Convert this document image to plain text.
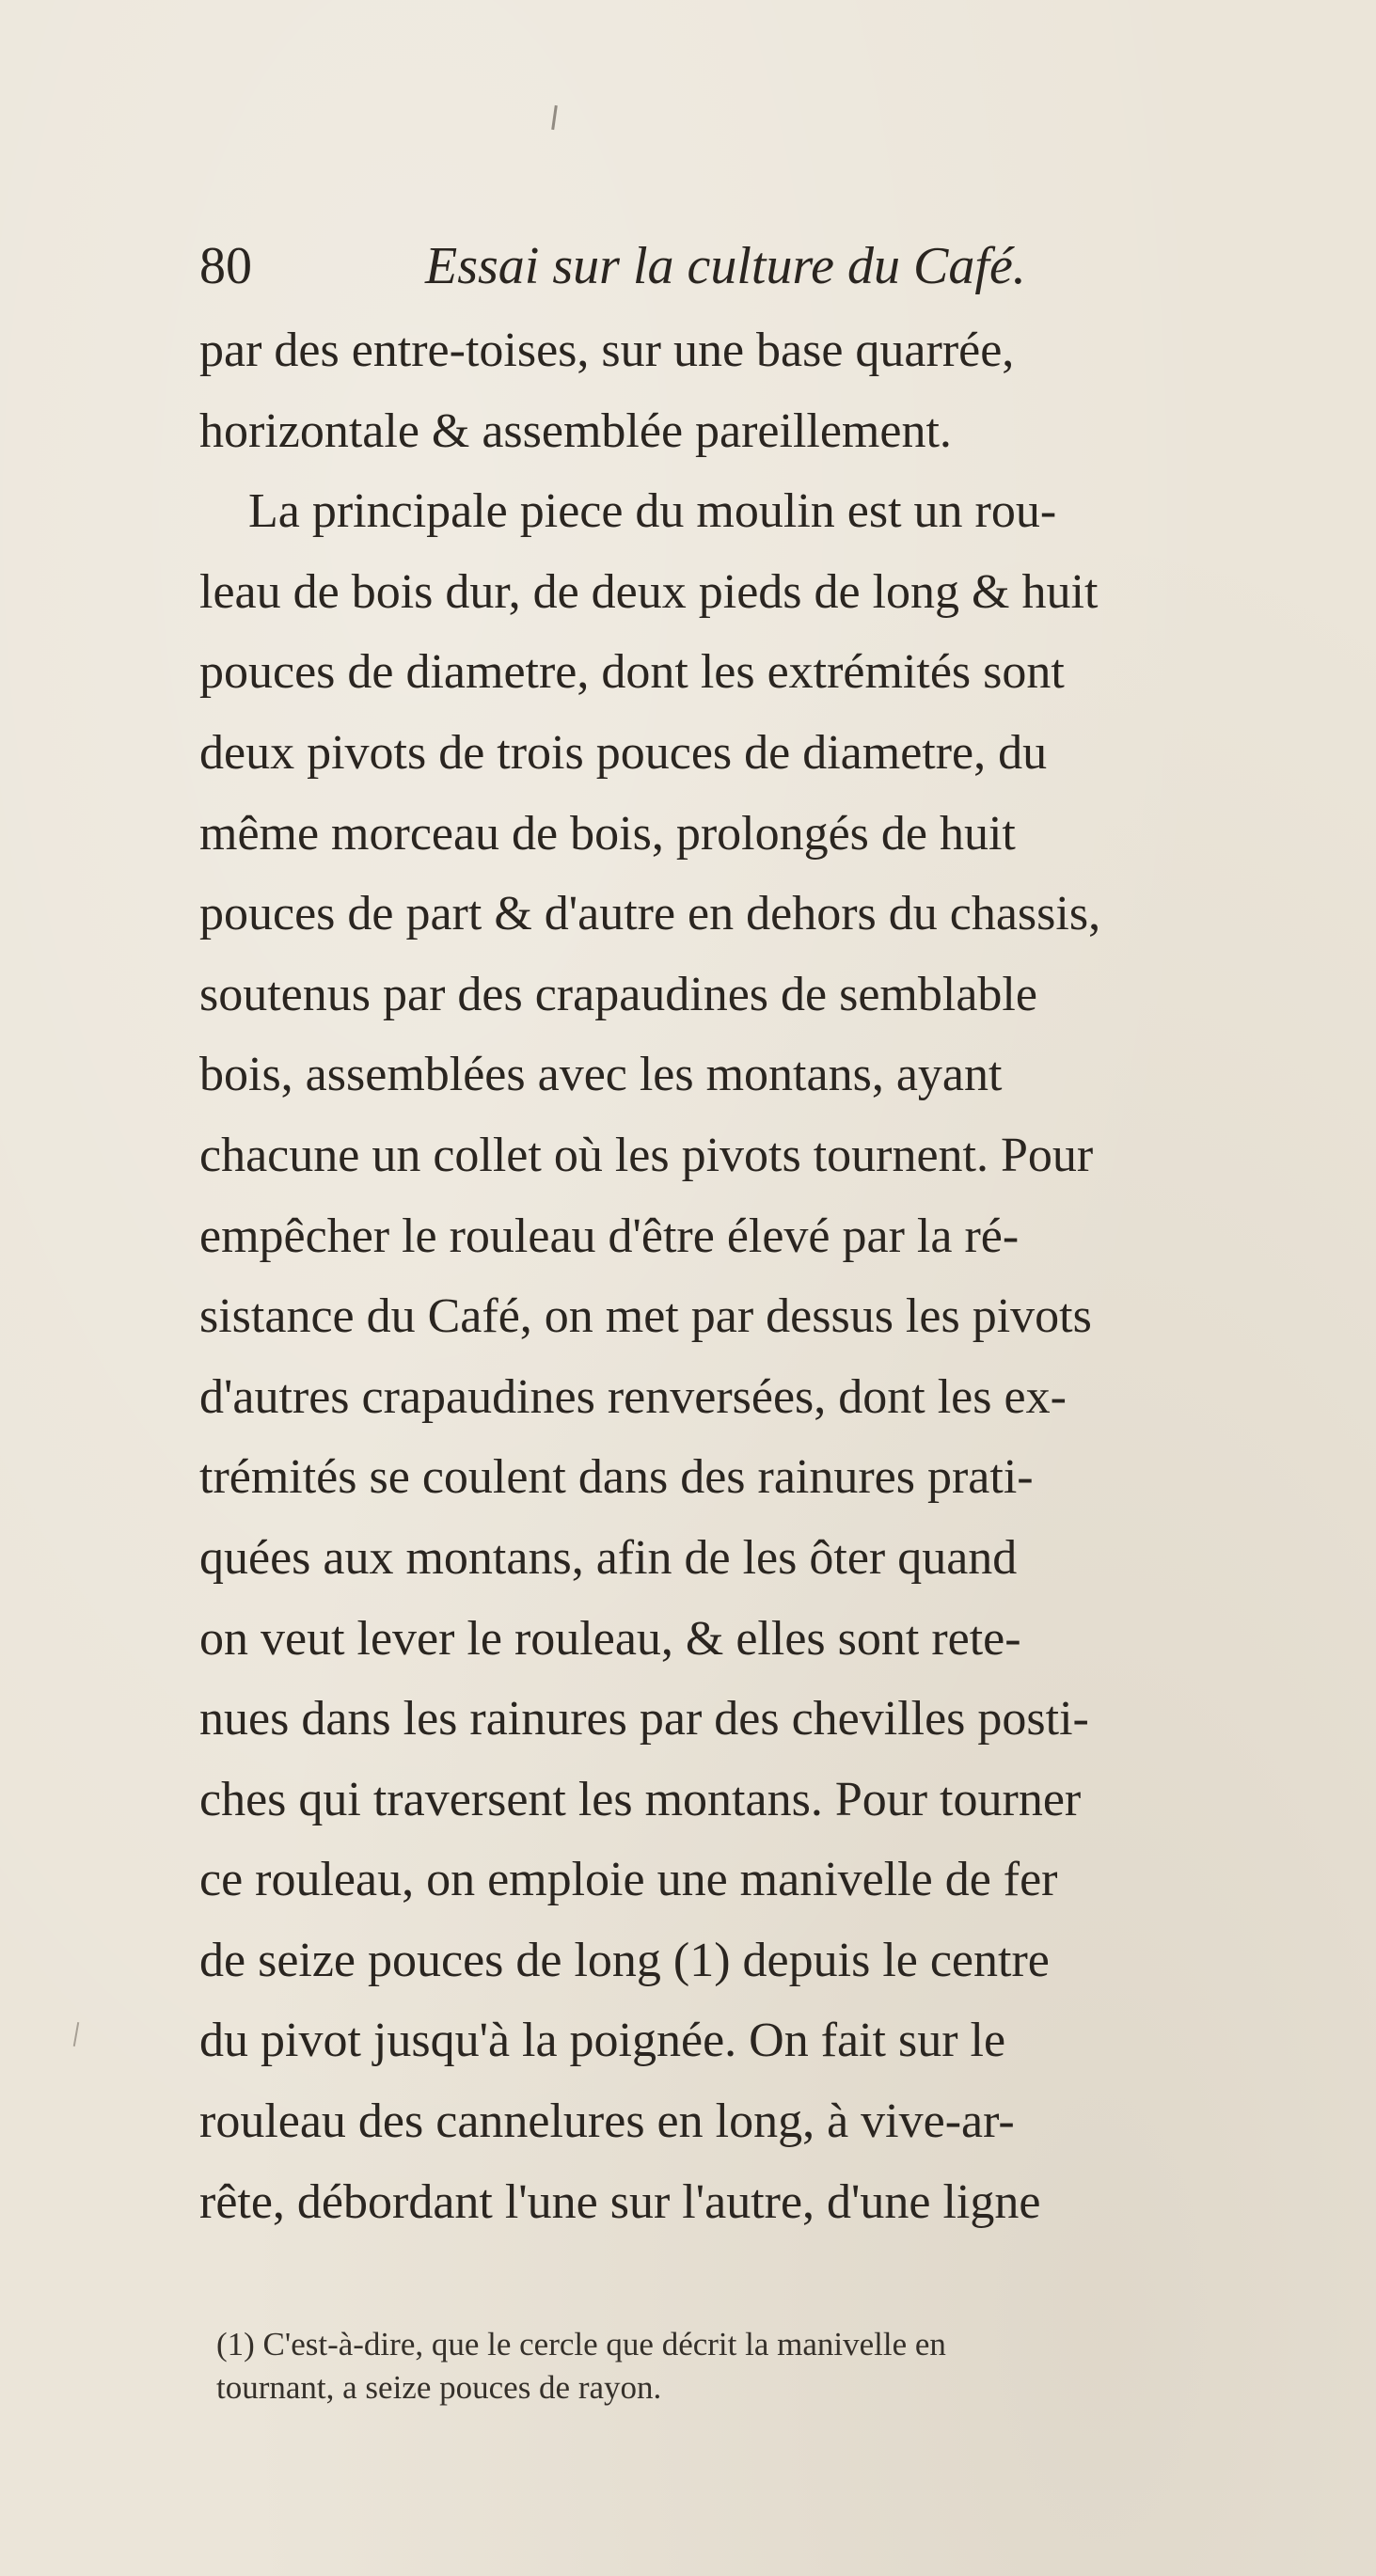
80	Essai sur la culture du Café.
par des entre-toises, sur une base quarrée,
horizontale & assemblée pareillement.
La principale piece du moulin est un rou-
leau de bois dur, de deux pieds de long & huit
pouces de diametre, dont les extrémités sont
deux pivots de trois pouces de diametre, du
même morceau de bois, prolongés de huit
pouces de part & d'autre en dehors du chassis,
soutenus par des crapaudines de semblable
bois, assemblées avec les montans, ayant
chacune un collet où les pivots tournent. Pour
empêcher le rouleau d'être élevé par la ré-
sistance du Café, on met par dessus les pivots
d'autres crapaudines renversées, dont les ex-
trémités se coulent dans des rainures prati-
quées aux montans, afin de les ôter quand
on veut lever le rouleau, & elles sont rete-
nues dans les rainures par des chevilles posti-
ches qui traversent les montans. Pour tourner
ce rouleau, on emploie une manivelle de fer
de seize pouces de long (1) depuis le centre
du pivot jusqu'à la poignée. On fait sur le
rouleau des cannelures en long, à vive-ar-
rête, débordant l'une sur l'autre, d'une ligne
(1) C'est-à-dire, que le cercle que décrit la manivelle en
tournant, a seize pouces de rayon.
